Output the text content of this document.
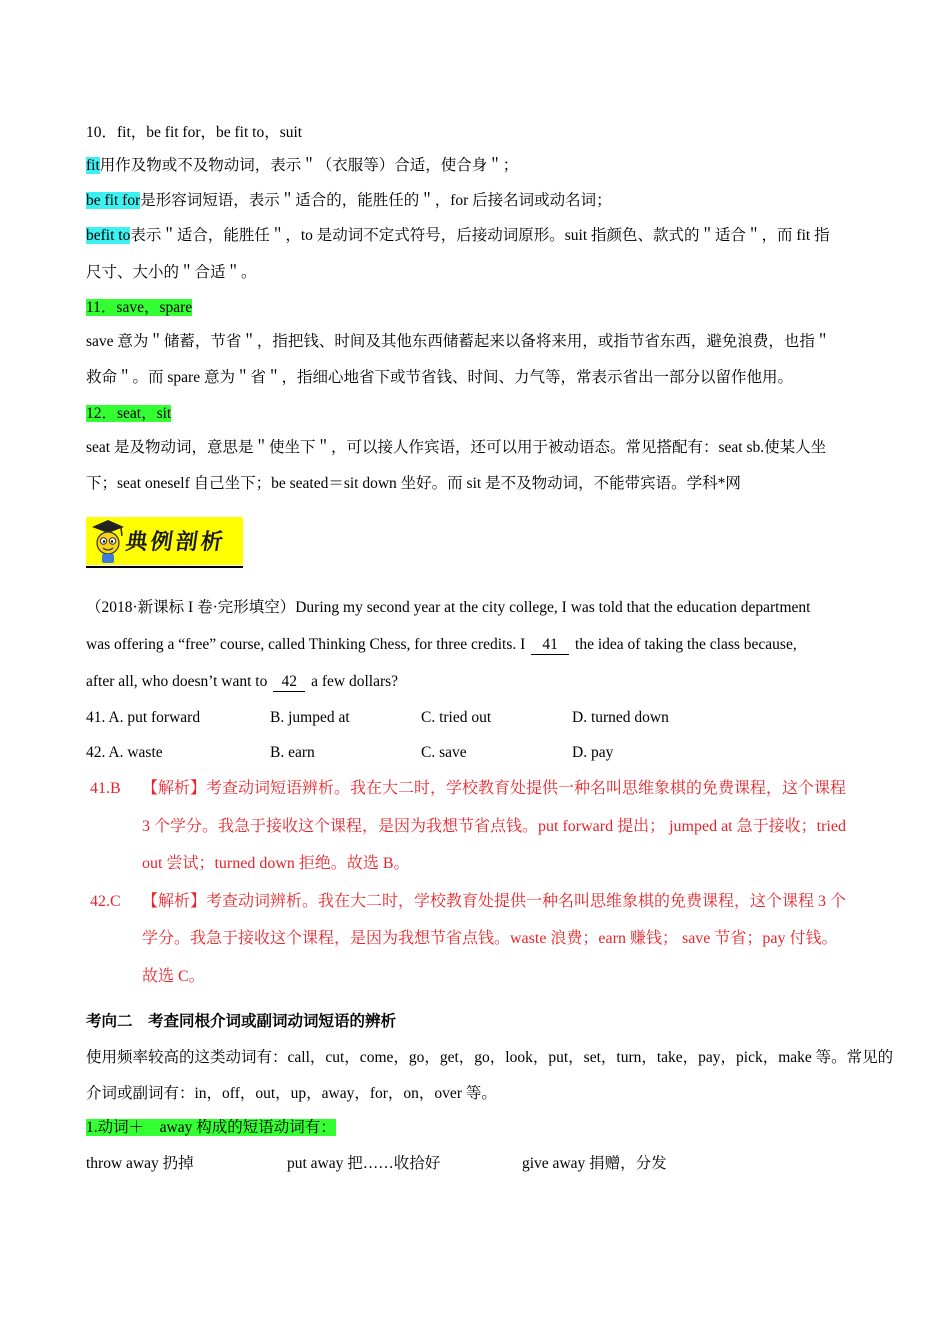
10．fit，be fit for，be fit to，suit
fit用作及物或不及物动词，表示＂（衣服等）合适，使合身＂；
be fit for是形容词短语，表示＂适合的，能胜任的＂，for 后接名词或动名词；
befit to表示＂适合，能胜任＂，to 是动词不定式符号，后接动词原形。suit 指颜色、款式的＂适合＂，而 fit 指
尺寸、大小的＂合适＂。
11．save，spare
save 意为＂储蓄，节省＂，指把钱、时间及其他东西储蓄起来以备将来用，或指节省东西，避免浪费，也指＂
救命＂。而 spare 意为＂省＂，指细心地省下或节省钱、时间、力气等，常表示省出一部分以留作他用。
12．seat，sit
seat 是及物动词，意思是＂使坐下＂，可以接人作宾语，还可以用于被动语态。常见搭配有：seat sb.使某人坐
下；seat oneself 自己坐下；be seated＝sit down 坐好。而 sit 是不及物动词，不能带宾语。学科*网
典例剖析
（2018·新课标 I 卷·完形填空）During my second year at the city college, I was told that the education department
was offering a “free” course, called Thinking Chess, for three credits. I 41 the idea of taking the class because,
after all, who doesn’t want to 42 a few dollars?
41. A. put forward	B. jumped at	C. tried out	D. turned down
42. A. waste	B. earn	C. save	D. pay
41.B 【解析】考查动词短语辨析。我在大二时，学校教育处提供一种名叫思维象棋的免费课程，这个课程
3 个学分。我急于接收这个课程，是因为我想节省点钱。put forward 提出； jumped at 急于接收；tried
out 尝试；turned down 拒绝。故选 B。
42.C 【解析】考查动词辨析。我在大二时，学校教育处提供一种名叫思维象棋的免费课程，这个课程 3 个
学分。我急于接收这个课程，是因为我想节省点钱。waste 浪费；earn 赚钱； save 节省；pay 付钱。
故选 C。
考向二　考查同根介词或副词动词短语的辨析
使用频率较高的这类动词有：call，cut，come，go，get，go，look，put，set，turn，take，pay，pick，make 等。常见的
介词或副词有：in，off，out，up，away，for，on，over 等。
1.动词＋　away 构成的短语动词有：
throw away 扔掉	put away 把……收拾好	give away 捐赠，分发
